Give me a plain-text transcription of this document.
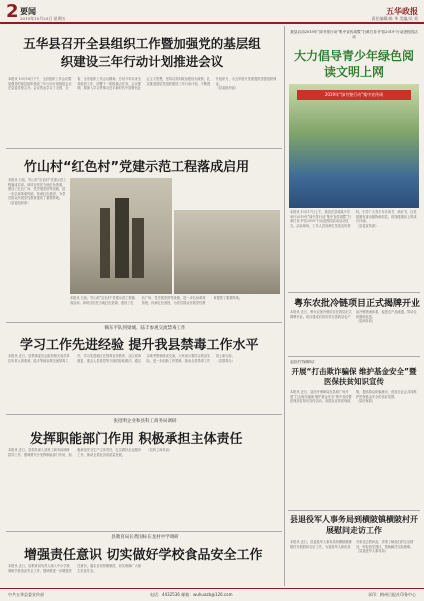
2 要闻
2019年10月25日 星期五
五华政报
责任编辑/陈 华 美编/吴 英
五华县召开全县组织工作暨加强党的基层组织建设三年行动计划推进会议

本报讯 10月18日下午，全县组织工作会议暨加强党的基层组织建设三年行动计划推进会议在县委党校召开。会议传达学习了全国、全省、全市组织工作会议精神，总结今年以来全县组织工作，部署下一阶段重点任务。会议强调，要深入学习贯彻习近平新时代中国特色社会主义思想，坚持以党的政治建设为统领，扎实推进基层党组织建设三年行动计划，不断提升组织力，为五华振兴发展提供坚强组织保证。

（县委组织部）

竹山村“红色村”党建示范工程落成启用

本报讯 日前，竹山村“红色村”党建示范工程落成启用。该项目依托当地红色资源，建设了红色广场、党史展览馆等设施，进一步弘扬革命传统，传承红色基因，为党员群众开展党性教育提供了重要阵地。

（县委组织部）

本报讯 日前，竹山村“红色村”党建示范工程落成启用。该项目依托当地红色资源，建设了红色广场、党史展览馆等设施，进一步弘扬革命传统，传承红色基因，为党员群众开展党性教育提供了重要阵地。

赖东平队到梁城、陆丰参观交流禁毒工作
学习工作先进经验 提升我县禁毒工作水平

本报讯 近日，县禁毒委员会组织相关成员单位负责人到梁城、陆丰等地参观交流禁毒工作，学习先进地区在禁毒宣传教育、社区戒毒康复、重点人员管控等方面的经验做法。通过实地考察和座谈交流，大家表示要结合我县实际，进一步创新工作思路，推动全县禁毒工作再上新台阶。

（县禁毒办）

张招明企业和县科工商务局调研
发挥职能部门作用 积极承担主体责任

本报讯 近日，县领导深入县科工商务局调研指导工作，强调要充分发挥职能部门作用，积极承担安全生产主体责任，扎实做好企业服务工作，推动全县经济高质量发展。

（县科工商务局）

县教育局长黄国标在龙村中学调研
增强责任意识 切实做好学校食品安全工作

本报讯 近日，县教育局负责人深入中小学校调研学校食品安全工作，强调要进一步增强责任意识，落实各项管理制度，切实保障广大师生饮食安全。

我县启动2019年“绿书签行动”集中宣传周暨“扫黄打非·护苗2019”行动进校园活动
大力倡导青少年绿色阅读文明上网
2019年“绿书签行动”集中宣传周

本报讯 10月17日上午，我县在县城某中学举行2019年“绿书签行动”集中宣传周暨“扫黄打非·护苗2019”行动进校园活动启动仪式。活动现场，工作人员向师生发放宣传资料，引导广大青少年多读书、读好书，自觉抵制有害出版物和信息，营造健康向上的成长环境。

（县委宣传部）

粤东农批冷链项目正式揭牌开业

本报讯 近日，粤东农批冷链项目在我县正式揭牌开业。项目建成后将有效完善我县农产品冷链物流体系，促进农产品流通，带动农民增收致富。

（县商务局）

县医疗保障局：
开展“打击欺诈骗保 维护基金安全”暨医保扶贫知识宣传

本报讯 近日，县医疗保障局在县城广场开展“打击欺诈骗保 维护基金安全”集中宣传暨医保扶贫知识宣传活动，向群众宣传医保政策，提高群众防骗意识，营造全社会共同维护医保基金安全的良好氛围。

（县医保局）

县退役军人事务局到横陂镇横陂村开展慰问走访工作

本报讯 近日，县退役军人事务局到横陂镇横陂村开展慰问走访工作，为退役军人和优抚对象送去慰问品，详细了解他们的生活情况，听取意见建议，帮助解决实际困难。

（县退役军人事务局）

中共五华县委宣传部	电话：4432536 邮箱：wuhuazb@126.com	承印：梅州日报社印务中心
